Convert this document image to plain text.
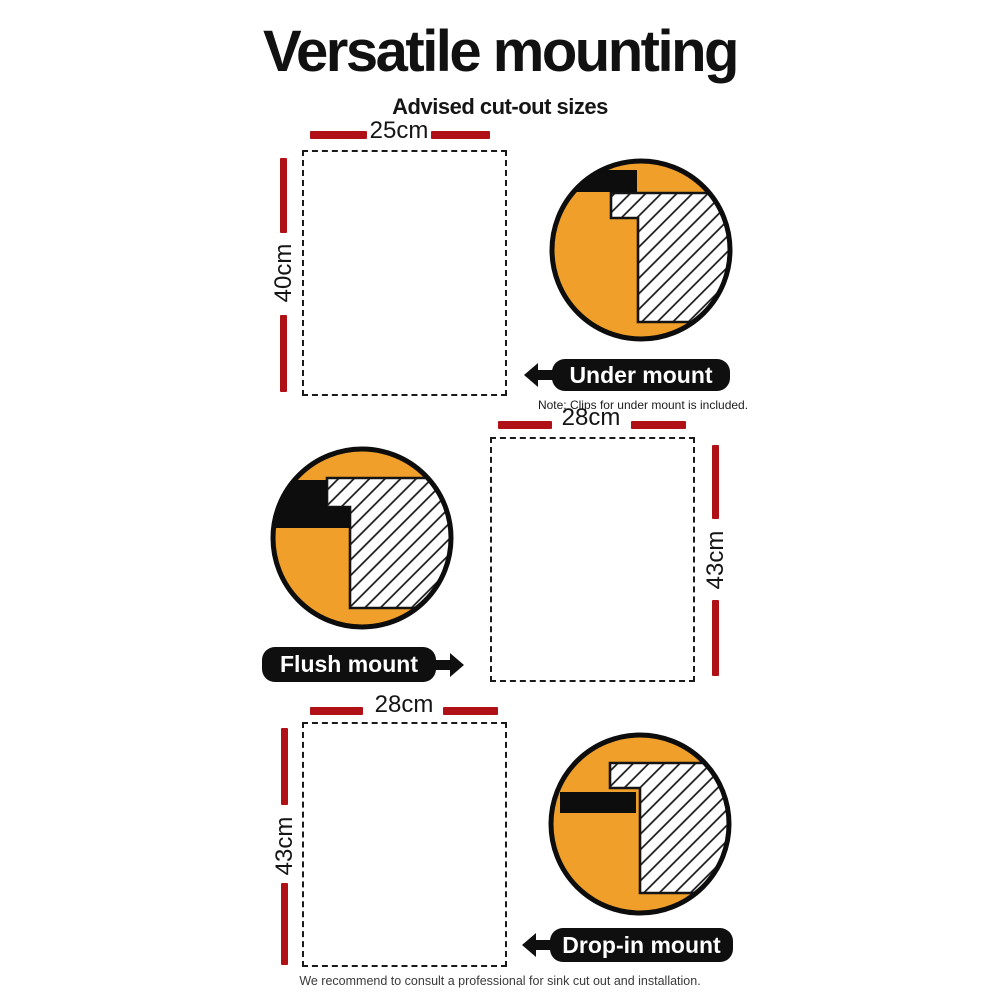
Versatile mounting
Advised cut-out sizes
25cm
40cm
Under mount
Note: Clips for under mount is included.
28cm
43cm
Flush mount
28cm
43cm
Drop-in mount
We recommend to consult a professional for sink cut out and installation.
